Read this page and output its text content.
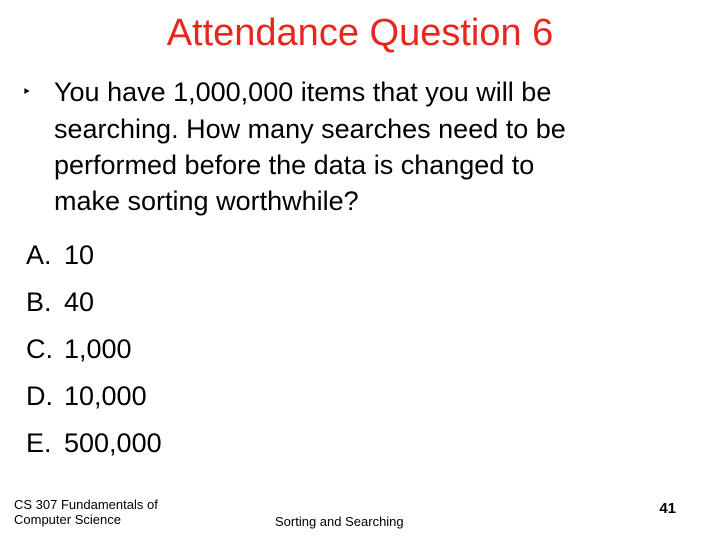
Attendance Question 6
‣ You have 1,000,000 items that you will be
searching. How many searches need to be
performed before the data is changed to
make sorting worthwhile?
A. 10
B. 40
C. 1,000
D. 10,000
E. 500,000
CS 307 Fundamentals of
Computer Science	Sorting and Searching
41
